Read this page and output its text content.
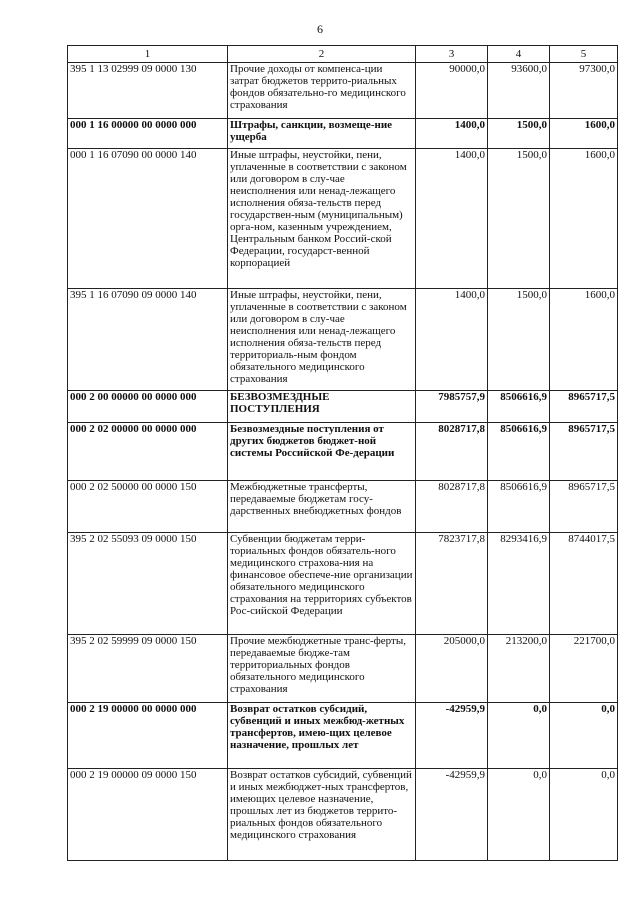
6
1	2	3	4	5
395 1 13 02999 09 0000 130	Прочие доходы от компенса-ции затрат бюджетов террито-риальных фондов обязательно-го медицинского страхования	90000,0	93600,0	97300,0
000 1 16 00000 00 0000 000	Штрафы, санкции, возмеще-ние ущерба	1400,0	1500,0	1600,0
000 1 16 07090 00 0000 140	Иные штрафы, неустойки, пени, уплаченные в соответствии с законом или договором в слу-чае неисполнения или ненад-лежащего исполнения обяза-тельств перед государствен-ным (муниципальным) орга-ном, казенным учреждением, Центральным банком Россий-ской Федерации, государст-венной корпорацией	1400,0	1500,0	1600,0
395 1 16 07090 09 0000 140	Иные штрафы, неустойки, пени, уплаченные в соответствии с законом или договором в слу-чае неисполнения или ненад-лежащего исполнения обяза-тельств перед территориаль-ным фондом обязательного медицинского страхования	1400,0	1500,0	1600,0
000 2 00 00000 00 0000 000	БЕЗВОЗМЕЗДНЫЕ ПОСТУПЛЕНИЯ	7985757,9	8506616,9	8965717,5
000 2 02 00000 00 0000 000	Безвозмездные поступления от других бюджетов бюджет-ной системы Российской Фе-дерации	8028717,8	8506616,9	8965717,5
000 2 02 50000 00 0000 150	Межбюджетные трансферты, передаваемые бюджетам госу-дарственных внебюджетных фондов	8028717,8	8506616,9	8965717,5
395 2 02 55093 09 0000 150	Субвенции бюджетам терри-ториальных фондов обязатель-ного медицинского страхова-ния на финансовое обеспече-ние организации обязательного медицинского страхования на территориях субъектов Рос-сийской Федерации	7823717,8	8293416,9	8744017,5
395 2 02 59999 09 0000 150	Прочие межбюджетные транс-ферты, передаваемые бюдже-там территориальных фондов обязательного медицинского страхования	205000,0	213200,0	221700,0
000 2 19 00000 00 0000 000	Возврат остатков субсидий, субвенций и иных межбюд-жетных трансфертов, имею-щих целевое назначение, прошлых лет	-42959,9	0,0	0,0
000 2 19 00000 09 0000 150	Возврат остатков субсидий, субвенций и иных межбюджет-ных трансфертов, имеющих целевое назначение, прошлых лет из бюджетов террито-риальных фондов обязательного медицинского страхования	-42959,9	0,0	0,0
